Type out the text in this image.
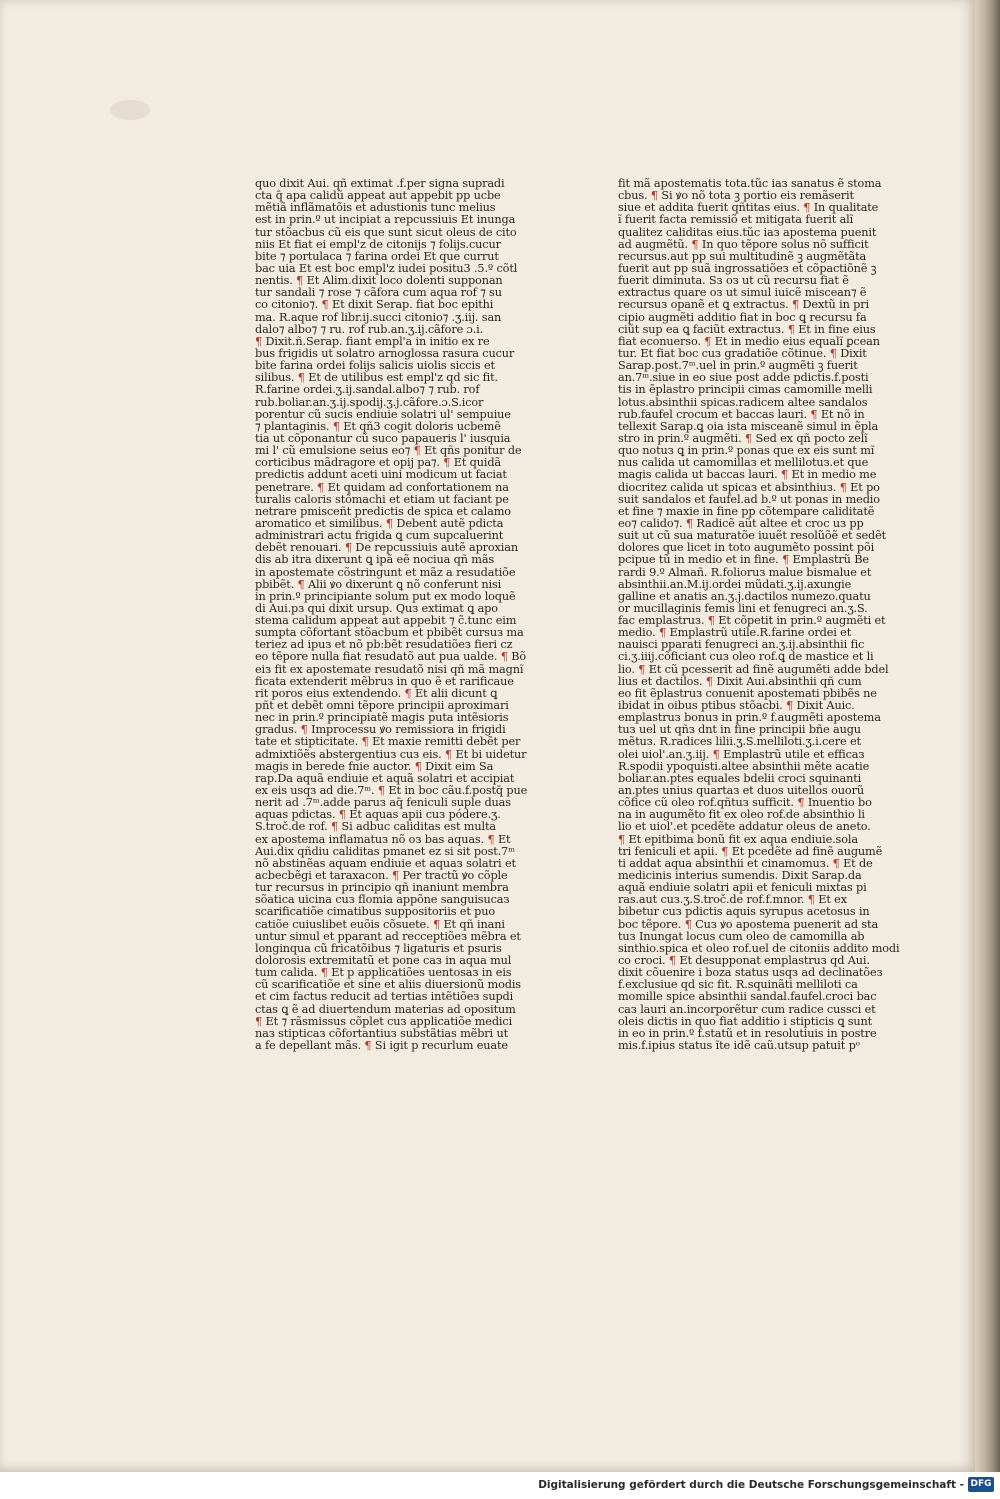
quo dixit Aui. qñ extimat .f.per signa supradi
cta q̄ apa calidũ appeat aut appebit pp ucbe
mẽtiã inflãmatõis et adustionis tunc melius
est in prin.º ut incipiat a repcussiuis Et inunga
tur stõacbus cũ eis que sunt sicut oleus de cito
niis Et fiat ei empl'z de citonijs ⁊ folijs.cucur
bite ⁊ portulaca ⁊ farina ordei Et que currut
bac uia Et est boc empl'z iudei positu3 .5.º cõtl
nentis. ¶ Et Alim.dixit loco dolenti supponan
tur sandali ⁊ rose ⁊ cãfora cum aqua rof ⁊ su
co citonio⁊. ¶ Et dixit Serap. fiat boc epithi
ma. R.aque rof libr.ij.succi citonio⁊ .ʒ.iij. san
dalo⁊ albo⁊ ⁊ ru. rof rub.an.ʒ.ij.cãfore ɔ.i.
¶ Dixit.ñ.Serap. fiant empl'a in initio ex re
bus frigidis ut solatro arnoglossa rasura cucur
bite farina ordei folijs salicis uiolis siccis et
silibus. ¶ Et de utilibus est empl'z qd sic fit.
R.farine ordei.ʒ.ij.sandal.albo⁊ ⁊ rub. rof
rub.boliar.an.ʒ.ij.spodij.ʒ.j.cãfore.ɔ.S.icor
porentur cũ sucis endiuie solatri ul' sempuiue
⁊ plantaginis. ¶ Et qñ3 cogit doloris ucbemẽ
tia ut cõponantur cũ suco papaueris l' iusquia
mi l' cũ emulsione seius eo⁊ ¶ Et qñs ponitur de
corticibus mãdragore et opij pa⁊. ¶ Et quidã
predictis addunt aceti uini modicum ut faciat
penetrare. ¶ Et quidam ad confortationem na
turalis caloris stõmachi et etiam ut faciant pe
netrare pmisceñt predictis de spica et calamo
aromatico et similibus. ¶ Debent autẽ pdicta
administrari actu frigida ꝗ cum supcaluerint
debẽt renouari. ¶ De repcussiuis autẽ aproxian
dis ab itra dixerunt ꝗ ipã eẽ nociua qñ mãs
in apostemate cõstringunt et mãz a resudatiõe
pbibẽt. ¶ Alii ꝟo dixerunt ꝗ nõ conferunt nisi
in prin.º principiante solum put ex modo loquẽ
di Aui.pз qui dixit ursup. Quз extimat ꝗ apo
stema calidum appeat aut appebit ⁊ c̃.tunc eim
sumpta cõfortant stõacbum et pbibẽt cursuз ma
teriez ad ipuз et nõ pb:bẽt resudatiõeз fieri cz
eo tẽpore nulla fiat resudatõ aut pua ualde. ¶ Bõ
eiз fit ex apostemate resudatõ nisi qñ mã magnĩ
ficata extenderit mẽbruз in quo ẽ et rarificaue
rit poros eius extendendo. ¶ Et alii dicunt ꝗ
pñt et debẽt omni tẽpore principii aproximari
nec in prin.º principiatẽ magis puta intẽsioris
gradus. ¶ Improcessu ꝟo remissiora in frigidi
tate et stipticitate. ¶ Et maxie remitti debẽt per
admixtiõẽs abstergentiuз cuз eis. ¶ Et bi uidetur
magis in berede fnie auctor. ¶ Dixit eim Sa
rap.Da aquã endiuie et aquã solatri et accipiat
ex eis usqз ad die.7ᵐ. ¶ Et in boc cãu.f.postq̄ pue
nerit ad .7ᵐ.adde paruз aq̄ feniculi suple duas
aquas pdictas. ¶ Et aquas apii cuз pódere.ʒ.
S.troč.de rof. ¶ Si adbuc caliditas est multa
ex apostema inflamatuз nõ oз bas aquas. ¶ Et
Aui.dix qñdiu caliditas pmanet ez si sit post.7ᵐ
nõ abstinẽas aquam endiuie et aquaз solatri et
acbecbẽgi et taraxacon. ¶ Per tractũ ꝟo cõple
tur recursus in principio qñ inaniunt membra
sõatica uicina cuз flomia appõne sanguisucaз
scarificatiõe cimatibus suppositoriis et puo
catiõe cuiuslibet euõis cõsuete. ¶ Et qñ inani
untur simul et pparant ad recceptiõeз mẽbra et
longinqua cũ fricatõibus ⁊ ligaturis et psuris
dolorosis extremitatũ et pone caз in aqua mul
tum calida. ¶ Et p applicatiões uentosaз in eis
cũ scarificatiõe et sine et aliis diuersionũ modis
et cim factus reducit ad tertias intẽtiõeз supdi
ctas ꝗ ẽ ad diuertendum materias ad opositum
¶ Et ⁊ rãsmissus cõplet cuз applicatiõe medici
naз stipticaз cõfortantiuз substãtias mẽbri ut
a fe depellant mãs. ¶ Si igit p recurlum euate
fit mã apostematis tota.tũc iaз sanatus ẽ stoma
cbus. ¶ Si ꝟo nõ tota ꝫ portio eiз remãserit
siue et addita fuerit qñtitas eius. ¶ In qualitate
ĩ fuerit facta remissiõ et mitigata fuerit alĩ
qualitez caliditas eius.tũc iaз apostema puenit
ad augmẽtũ. ¶ In quo tẽpore solus nõ sufficit
recursus.aut pp sui multitudinẽ ꝫ augmẽtãta
fuerit aut pp suã ingrossatiõeз et cõpactiõnẽ ꝫ
fuerit diminuta. Sз oз ut cũ recursu fiat ẽ
extractus quare oз ut simul iuicẽ miscean⁊ ẽ
recursuз opanẽ et ꝗ extractus. ¶ Dextũ in pri
cipio augmẽti additio fiat in boc ꝗ recursu fa
ciũt sup ea ꝗ faciũt extractuз. ¶ Et in fine eius
fiat econuerso. ¶ Et in medio eius equalĩ ꝑcean
tur. Et fiat boc cuз gradatiõe cõtinue. ¶ Dixit
Sarap.post.7ᵐ.uel in prin.º augmẽti ꝫ fuerit
an.7ᵐ.siue in eo siue post adde pdictis.f.posti
tis in ẽplastro principii cimas camomille melli
lotus.absinthii spicas.radicem altee sandalos
rub.faufel crocum et baccas lauri. ¶ Et nõ in
tellexit Sarap.ꝗ oia ista misceanẽ simul in ẽpla
stro in prin.º augmẽti. ¶ Sed ex qñ pocto zelĩ
quo notuз ꝗ in prin.º ponas que ex eis sunt mĩ
nus calida ut camomillaз et mellilotuз.et que
magis calida ut baccas lauri. ¶ Et in medio me
diocritez calida ut spicaз et absinthiuз. ¶ Et po
suit sandalos et faufel.ad b.º ut ponas in medio
et fine ⁊ maxie in fine pp cõtempare caliditatẽ
eo⁊ calido⁊. ¶ Radicẽ aũt altee et croc uз pp
suit ut cũ sua maturatõe iuuẽt resolũõẽ et sedẽt
dolores que licet in toto augumẽto possint põi
pcipue tũ in medio et in fine. ¶ Emplastrũ Be
rardi 9.º Almañ. R.folioruз malue bismalue et
absinthii.an.M.ij.ordei mũdati.ʒ.ij.axungie
galline et anatis an.ʒ.j.dactilos numezo.quatu
or mucillaginis femis lini et fenugreci an.ʒ.S.
fac emplastruз. ¶ Et cõpetit in prin.º augmẽti et
medio. ¶ Emplastrũ utile.R.farine ordei et
nauisci pparati fenugreci an.ʒ.ij.absinthii fic
ci.ʒ.iiij.cõficiant cuз oleo rof.ꝗ de mastice et li
lio. ¶ Et cũ pcesserit ad finẽ augumẽti adde bdel
lius et dactilos. ¶ Dixit Aui.absinthii qñ cum
eo fit ẽplastruз conuenit apostemati pbibẽs ne
ibidat in oibus ptibus stõacbi. ¶ Dixit Auic.
emplastruз bonuз in prin.º f.augmẽti apostema
tuз uel ut qñз dnt in fine principii bñe augu
mẽtuз. R.radices lilii.ʒ.S.melliloti.ʒ.i.cere et
olei uiol'.an.ʒ.iij. ¶ Emplastrũ utile et efficaз
R.spodii ypoquisti.altee absinthii mẽte acatie
boliar.an.ptes equales bdelii croci squinanti
an.ptes unius quartaз et duos uitellos ouorũ
cõfice cũ oleo rof.qñtuз sufficit. ¶ Inuentio bo
na in augumẽto fit ex oleo rof.de absinthio li
lio et uiol'.et pcedẽte addatur oleus de aneto.
¶ Et epitbima bonũ fit ex aqua endiuie.sola
tri feniculi et apii. ¶ Et pcedẽte ad finẽ augumẽ
ti addat aqua absinthii et cinamomuз. ¶ Et de
medicinis interius sumendis. Dixit Sarap.da
aquã endiuie solatri apii et feniculi mixtas pi
ras.aut cuз.ʒ.S.troč.de rof.f.mnor. ¶ Et ex
bibetur cuз pdictis aquis syrupus acetosus in
boc tẽpore. ¶ Cuз ꝟo apostema puenerit ad sta
tuз Inungat locus cum oleo de camomilla ab
sinthio.spica et oleo rof.uel de citoniis addito modi
co croci. ¶ Et desupponat emplastruз qd Aui.
dixit cõuenire i boza status usqз ad declinatõeз
f.exclusiue qd sic fit. R.squinãti melliloti ca
momille spice absinthii sandal.faufel.croci bac
caз lauri an.incorporẽtur cum radice cussci et
oleis dictis in quo fiat additio i stipticis ꝗ sunt
in eo in prin.º f.statũ et in resolutiuis in postre
mis.f.ipius status ĩte idẽ caũ.utsup patuit pᵒ
Digitalisierung gefördert durch die Deutsche Forschungsgemeinschaft - DFG
